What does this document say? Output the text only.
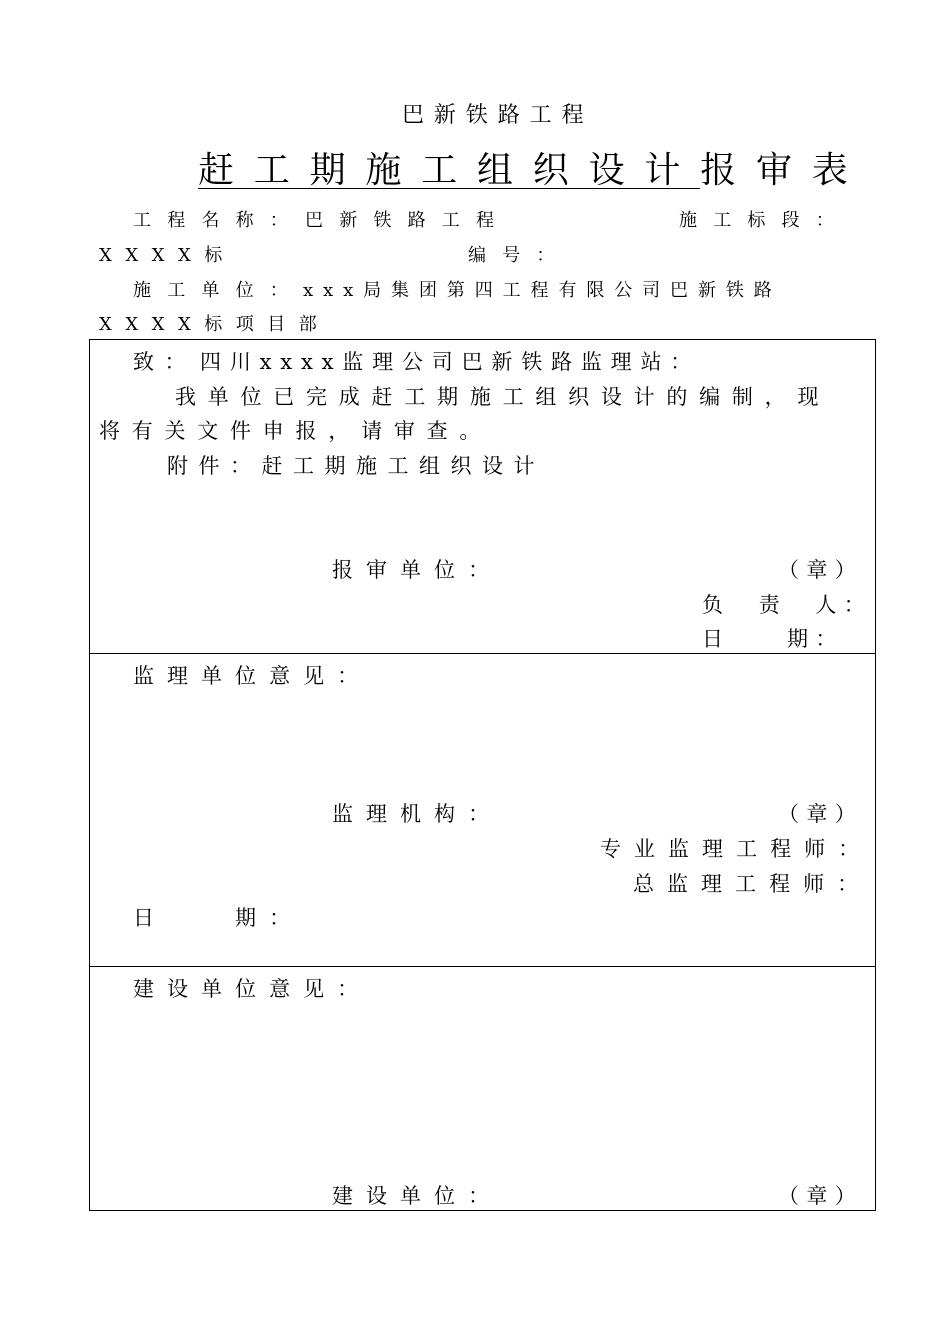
巴新铁路工程
赶工期施工组织设计报审表
工程名称： 巴新铁路工程	施工标段：
XXXX标	编号：
施工单位： xxx局集团第四工程有限公司巴新铁路
XXXX标项目部
致： 四川xxxx监理公司巴新铁路监理站：
我单位已完成赶工期施工组织设计的编制，现
将有关文件申报，请审查。
附件：赶工期施工组织设计
报审单位：	（章）
负　责　人：
日　　期：

监理单位意见：
监理机构：	（章）
专业监理工程师：
总监理工程师：
日　　期：

建设单位意见：
建设单位：	（章）
